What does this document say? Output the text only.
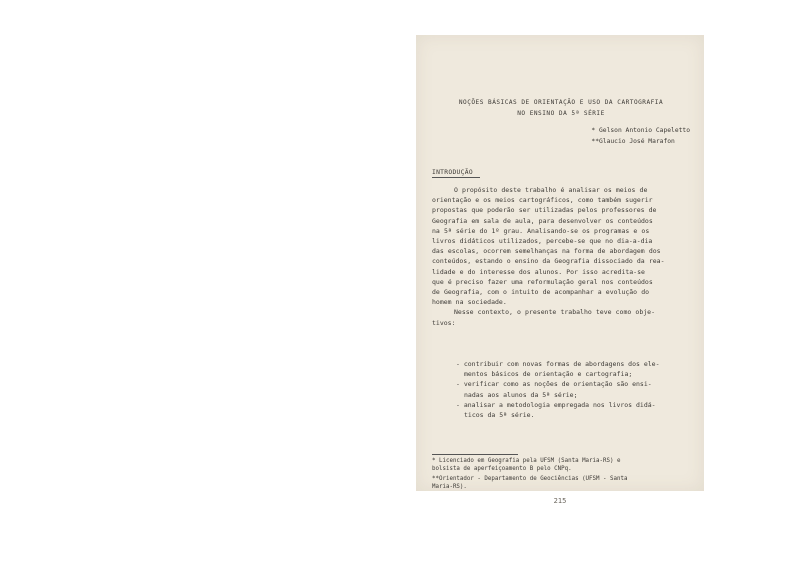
NOÇÕES BÁSICAS DE ORIENTAÇÃO E USO DA CARTOGRAFIA
NO ENSINO DA 5ª SÉRIE
* Gelson Antonio Capeletto
**Glaucio José Marafon
INTRODUÇÃO
O propósito deste trabalho é analisar os meios de
orientação e os meios cartográficos, como também sugerir
propostas que poderão ser utilizadas pelos professores de
Geografia em sala de aula, para desenvolver os conteúdos
na 5ª série do 1º grau. Analisando-se os programas e os
livros didáticos utilizados, percebe-se que no dia-a-dia
das escolas, ocorrem semelhanças na forma de abordagem dos
conteúdos, estando o ensino da Geografia dissociado da rea-
lidade e do interesse dos alunos. Por isso acredita-se
que é preciso fazer uma reformulação geral nos conteúdos
de Geografia, com o intuito de acompanhar a evolução do
homem na sociedade.
Nesse contexto, o presente trabalho teve como obje-
tivos:
- contribuir com novas formas de abordagens dos ele-
mentos básicos de orientação e cartografia;
- verificar como as noções de orientação são ensi-
nadas aos alunos da 5ª série;
- analisar a metodologia empregada nos livros didá-
ticos da 5ª série.
* Licenciado em Geografia pela UFSM (Santa Maria-RS) e
bolsista de aperfeiçoamento B pelo CNPq.
**Orientador - Departamento de Geociências (UFSM - Santa
Maria-RS).
215
